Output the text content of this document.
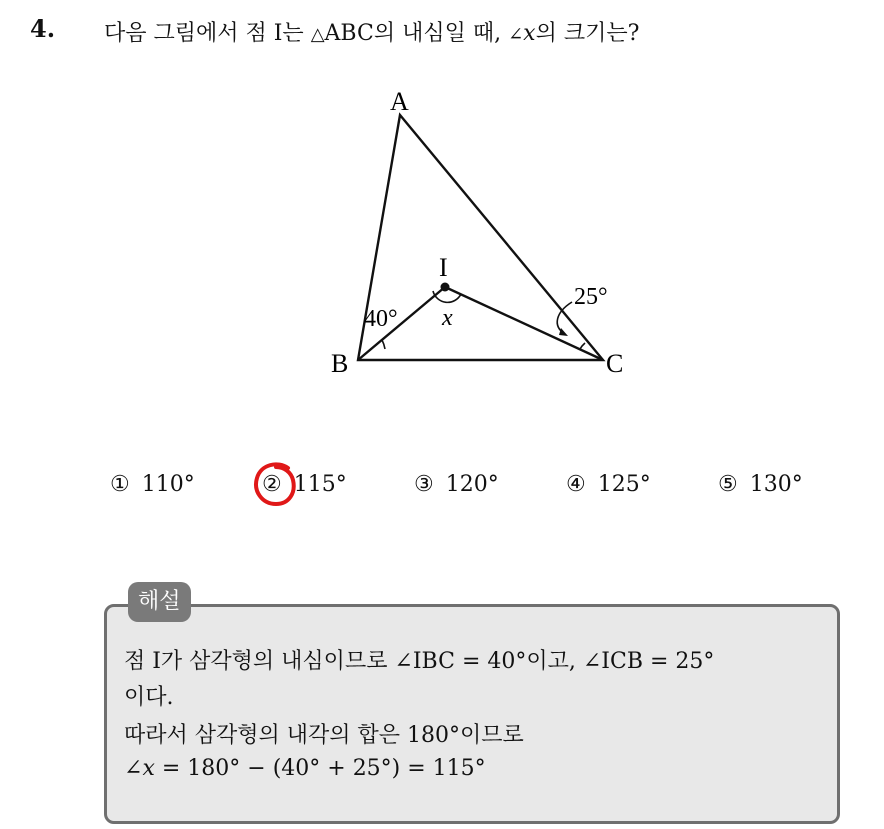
4. 다음 그림에서 점 I는 △ABC의 내심일 때, ∠x의 크기는?
A
B	C
I
40°
25°
x
① 110°	② 115°	③ 120°	④ 125°	⑤ 130°
해설
점 I가 삼각형의 내심이므로 ∠IBC = 40°이고, ∠ICB = 25°
이다.
따라서 삼각형의 내각의 합은 180°이므로
∠x = 180° − (40° + 25°) = 115°
